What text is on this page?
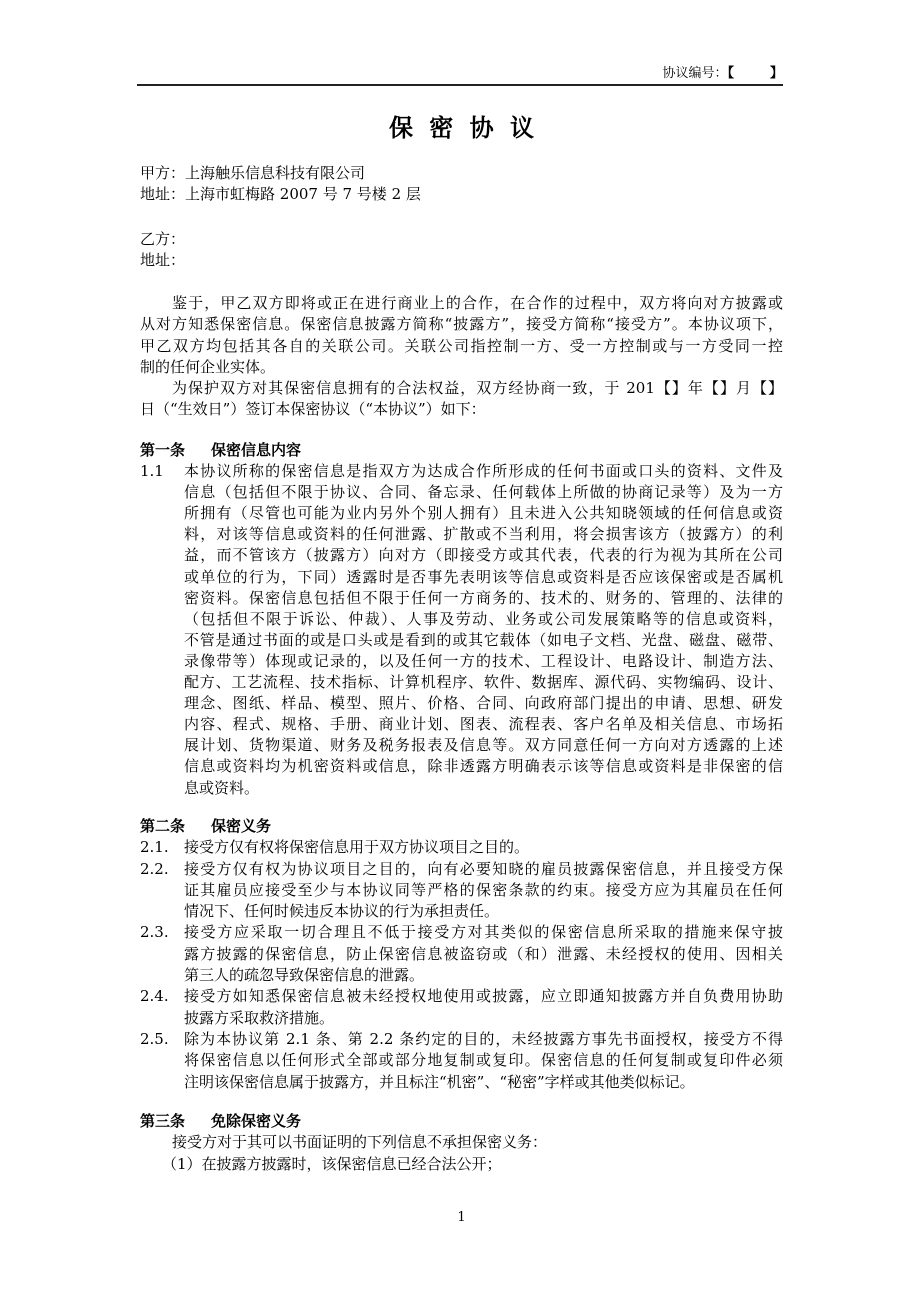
协议编号：【	】
保 密 协 议
甲方：上海触乐信息科技有限公司
地址：上海市虹梅路 2007 号 7 号楼 2 层
乙方：
地址：
鉴于，甲乙双方即将或正在进行商业上的合作，在合作的过程中，双方将向对方披露或
从对方知悉保密信息。保密信息披露方简称“披露方”，接受方简称“接受方”。本协议项下，
甲乙双方均包括其各自的关联公司。关联公司指控制一方、受一方控制或与一方受同一控
制的任何企业实体。
为保护双方对其保密信息拥有的合法权益，双方经协商一致，于 201【】年【】月【】
日（“生效日”）签订本保密协议（“本协议”）如下：
第一条 保密信息内容
1.1 本协议所称的保密信息是指双方为达成合作所形成的任何书面或口头的资料、文件及
信息（包括但不限于协议、合同、备忘录、任何载体上所做的协商记录等）及为一方
所拥有（尽管也可能为业内另外个别人拥有）且未进入公共知晓领域的任何信息或资
料，对该等信息或资料的任何泄露、扩散或不当利用，将会损害该方（披露方）的利
益，而不管该方（披露方）向对方（即接受方或其代表，代表的行为视为其所在公司
或单位的行为，下同）透露时是否事先表明该等信息或资料是否应该保密或是否属机
密资料。保密信息包括但不限于任何一方商务的、技术的、财务的、管理的、法律的
（包括但不限于诉讼、仲裁）、人事及劳动、业务或公司发展策略等的信息或资料，
不管是通过书面的或是口头或是看到的或其它载体（如电子文档、光盘、磁盘、磁带、
录像带等）体现或记录的，以及任何一方的技术、工程设计、电路设计、制造方法、
配方、工艺流程、技术指标、计算机程序、软件、数据库、源代码、实物编码、设计、
理念、图纸、样品、模型、照片、价格、合同、向政府部门提出的申请、思想、研发
内容、程式、规格、手册、商业计划、图表、流程表、客户名单及相关信息、市场拓
展计划、货物渠道、财务及税务报表及信息等。双方同意任何一方向对方透露的上述
信息或资料均为机密资料或信息，除非透露方明确表示该等信息或资料是非保密的信
息或资料。
第二条 保密义务
2.1. 接受方仅有权将保密信息用于双方协议项目之目的。
2.2. 接受方仅有权为协议项目之目的，向有必要知晓的雇员披露保密信息，并且接受方保
证其雇员应接受至少与本协议同等严格的保密条款的约束。接受方应为其雇员在任何
情况下、任何时候违反本协议的行为承担责任。
2.3. 接受方应采取一切合理且不低于接受方对其类似的保密信息所采取的措施来保守披
露方披露的保密信息，防止保密信息被盗窃或（和）泄露、未经授权的使用、因相关
第三人的疏忽导致保密信息的泄露。
2.4. 接受方如知悉保密信息被未经授权地使用或披露，应立即通知披露方并自负费用协助
披露方采取救济措施。
2.5. 除为本协议第 2.1 条、第 2.2 条约定的目的，未经披露方事先书面授权，接受方不得
将保密信息以任何形式全部或部分地复制或复印。保密信息的任何复制或复印件必须
注明该保密信息属于披露方，并且标注“机密”、“秘密”字样或其他类似标记。
第三条 免除保密义务
接受方对于其可以书面证明的下列信息不承担保密义务：
（1）在披露方披露时，该保密信息已经合法公开；
1
